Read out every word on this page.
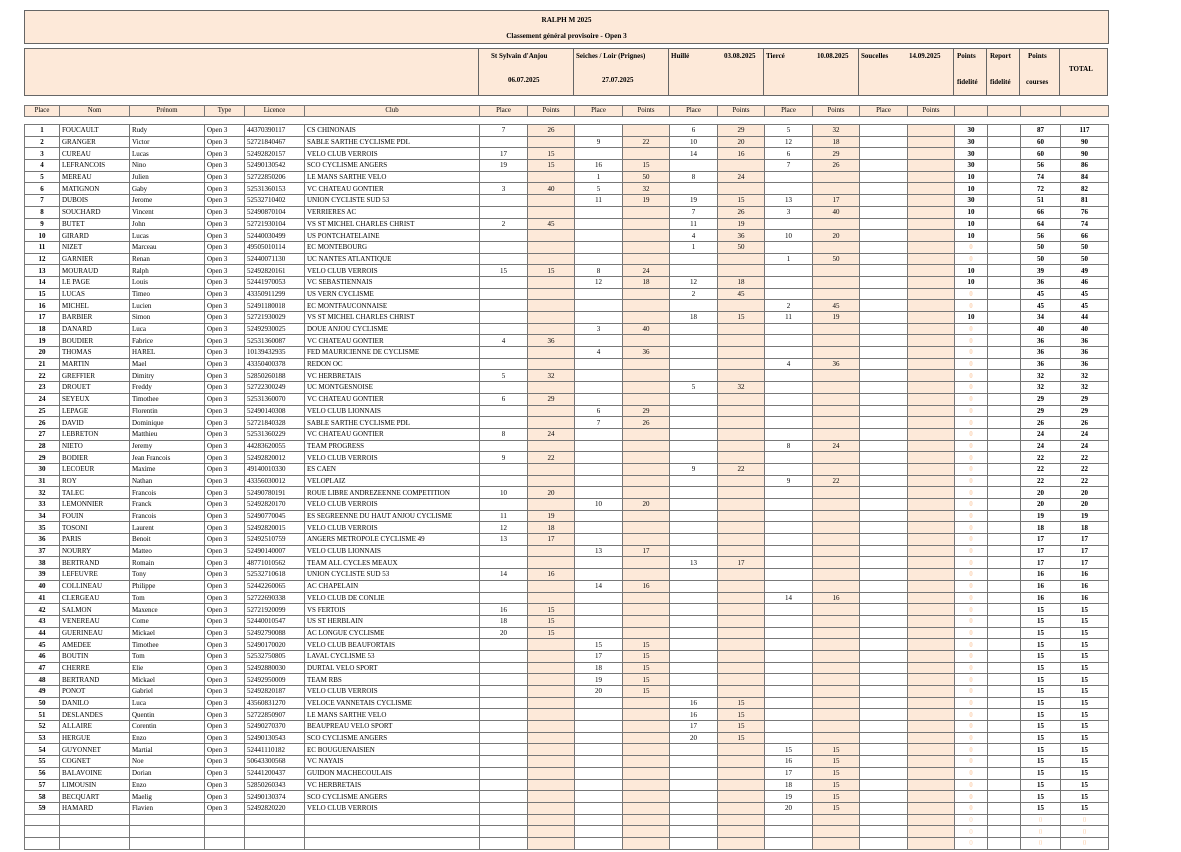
RALPH M 2025
Classement général provisoire - Open 3
St Sylvain d'Anjou
06.07.2025
Seiches / Loir (Prignes)
27.07.2025
Huillé	03.08.2025 Tiercé	10.08.2025 Soucelles	14.09.2025 Points
fidelité
Report
fidelité
Points
courses
TOTAL
Place	Nom	Prénom	Type	Licence	Club	Place	Points	Place	Points	Place	Points	Place	Points	Place	Points				

1	FOUCAULT	Rudy	Open 3	44370390117	CS CHINONAIS	7	26			6	29	5	32			30		87	117
2	GRANGER	Victor	Open 3	52721840467	SABLE SARTHE CYCLISME PDL			9	22	10	20	12	18			30		60	90
3	CUREAU	Lucas	Open 3	52492820157	VELO CLUB VERROIS	17	15			14	16	6	29			30		60	90
4	LEFRANCOIS	Nino	Open 3	52490130542	SCO CYCLISME ANGERS	19	15	16	15			7	26			30		56	86
5	MEREAU	Julien	Open 3	52722850206	LE MANS SARTHE VELO			1	50	8	24					10		74	84
6	MATIGNON	Gaby	Open 3	52531360153	VC CHATEAU GONTIER	3	40	5	32							10		72	82
7	DUBOIS	Jerome	Open 3	52532710402	UNION CYCLISTE SUD 53			11	19	19	15	13	17			30		51	81
8	SOUCHARD	Vincent	Open 3	52490870104	VERRIERES AC					7	26	3	40			10		66	76
9	BUTET	John	Open 3	52721930104	VS ST MICHEL CHARLES CHRIST	2	45			11	19					10		64	74
10	GIRARD	Lucas	Open 3	52440030499	US PONTCHATELAINE					4	36	10	20			10		56	66
11	NIZET	Marceau	Open 3	49505010114	EC MONTEBOURG					1	50					0		50	50
12	GARNIER	Renan	Open 3	52440071130	UC NANTES ATLANTIQUE							1	50			0		50	50
13	MOURAUD	Ralph	Open 3	52492820161	VELO CLUB VERROIS	15	15	8	24							10		39	49
14	LE PAGE	Louis	Open 3	52441970053	VC SEBASTIENNAIS			12	18	12	18					10		36	46
15	LUCAS	Timeo	Open 3	43350911299	US VERN CYCLISME					2	45					0		45	45
16	MICHEL	Lucien	Open 3	52491180018	EC MONTFAUCONNAISE							2	45			0		45	45
17	BARBIER	Simon	Open 3	52721930029	VS ST MICHEL CHARLES CHRIST					18	15	11	19			10		34	44
18	DANARD	Luca	Open 3	52492930025	DOUE ANJOU CYCLISME			3	40							0		40	40
19	BOUDIER	Fabrice	Open 3	52531360087	VC CHATEAU GONTIER	4	36									0		36	36
20	THOMAS	HAREL	Open 3	10139432935	FED MAURICIENNE DE CYCLISME			4	36							0		36	36
21	MARTIN	Mael	Open 3	43350400378	REDON OC							4	36			0		36	36
22	GREFFIER	Dimitry	Open 3	52850260188	VC HERBRETAIS	5	32									0		32	32
23	DROUET	Freddy	Open 3	52722300249	UC MONTGESNOISE					5	32					0		32	32
24	SEYEUX	Timothee	Open 3	52531360070	VC CHATEAU GONTIER	6	29									0		29	29
25	LEPAGE	Florentin	Open 3	52490140308	VELO CLUB LIONNAIS			6	29							0		29	29
26	DAVID	Dominique	Open 3	52721840328	SABLE SARTHE CYCLISME PDL			7	26							0		26	26
27	LEBRETON	Matthieu	Open 3	52531360229	VC CHATEAU GONTIER	8	24									0		24	24
28	NIETO	Jeremy	Open 3	44283620055	TEAM PROGRESS							8	24			0		24	24
29	BODIER	Jean Francois	Open 3	52492820012	VELO CLUB VERROIS	9	22									0		22	22
30	LECOEUR	Maxime	Open 3	49140010330	ES CAEN					9	22					0		22	22
31	ROY	Nathan	Open 3	43356030012	VELOPLAIZ							9	22			0		22	22
32	TALEC	Francois	Open 3	52490780191	ROUE LIBRE ANDREZEENNE COMPETITION	10	20									0		20	20
33	LEMONNIER	Franck	Open 3	52492820170	VELO CLUB VERROIS			10	20							0		20	20
34	FOUIN	Francois	Open 3	52490770045	ES SEGREENNE DU HAUT ANJOU CYCLISME	11	19									0		19	19
35	TOSONI	Laurent	Open 3	52492820015	VELO CLUB VERROIS	12	18									0		18	18
36	PARIS	Benoit	Open 3	52492510759	ANGERS METROPOLE CYCLISME 49	13	17									0		17	17
37	NOURRY	Matteo	Open 3	52490140007	VELO CLUB LIONNAIS			13	17							0		17	17
38	BERTRAND	Romain	Open 3	48771010562	TEAM ALL CYCLES MEAUX					13	17					0		17	17
39	LEFEUVRE	Tony	Open 3	52532710618	UNION CYCLISTE SUD 53	14	16									0		16	16
40	COLLINEAU	Philippe	Open 3	52442260065	AC CHAPELAIN			14	16							0		16	16
41	CLERGEAU	Tom	Open 3	52722690338	VELO CLUB DE CONLIE							14	16			0		16	16
42	SALMON	Maxence	Open 3	52721920099	VS FERTOIS	16	15									0		15	15
43	VENEREAU	Come	Open 3	52440010547	US ST HERBLAIN	18	15									0		15	15
44	GUERINEAU	Mickael	Open 3	52492790088	AC LONGUE CYCLISME	20	15									0		15	15
45	AMEDEE	Timothee	Open 3	52490170020	VELO CLUB BEAUFORTAIS			15	15							0		15	15
46	BOUTIN	Tom	Open 3	52532750805	LAVAL CYCLISME 53			17	15							0		15	15
47	CHERRE	Elie	Open 3	52492880030	DURTAL VELO SPORT			18	15							0		15	15
48	BERTRAND	Mickael	Open 3	52492950009	TEAM RBS			19	15							0		15	15
49	PONOT	Gabriel	Open 3	52492820187	VELO CLUB VERROIS			20	15							0		15	15
50	DANILO	Luca	Open 3	43560831270	VELOCE VANNETAIS CYCLISME					16	15					0		15	15
51	DESLANDES	Quentin	Open 3	52722850907	LE MANS SARTHE VELO					16	15					0		15	15
52	ALLAIRE	Corentin	Open 3	52490270370	BEAUPREAU VELO SPORT					17	15					0		15	15
53	HERGUE	Enzo	Open 3	52490130543	SCO CYCLISME ANGERS					20	15					0		15	15
54	GUYONNET	Martial	Open 3	52441110182	EC BOUGUENAISIEN							15	15			0		15	15
55	COGNET	Noe	Open 3	50643300568	VC NAYAIS							16	15			0		15	15
56	BALAVOINE	Dorian	Open 3	52441200437	GUIDON MACHECOULAIS							17	15			0		15	15
57	LIMOUSIN	Enzo	Open 3	52850260343	VC HERBRETAIS							18	15			0		15	15
58	BECQUART	Maelig	Open 3	52490130374	SCO CYCLISME ANGERS							19	15			0		15	15
59	HAMARD	Flavien	Open 3	52492820220	VELO CLUB VERROIS							20	15			0		15	15
																0		0	0
																0		0	0
																0		0	0
